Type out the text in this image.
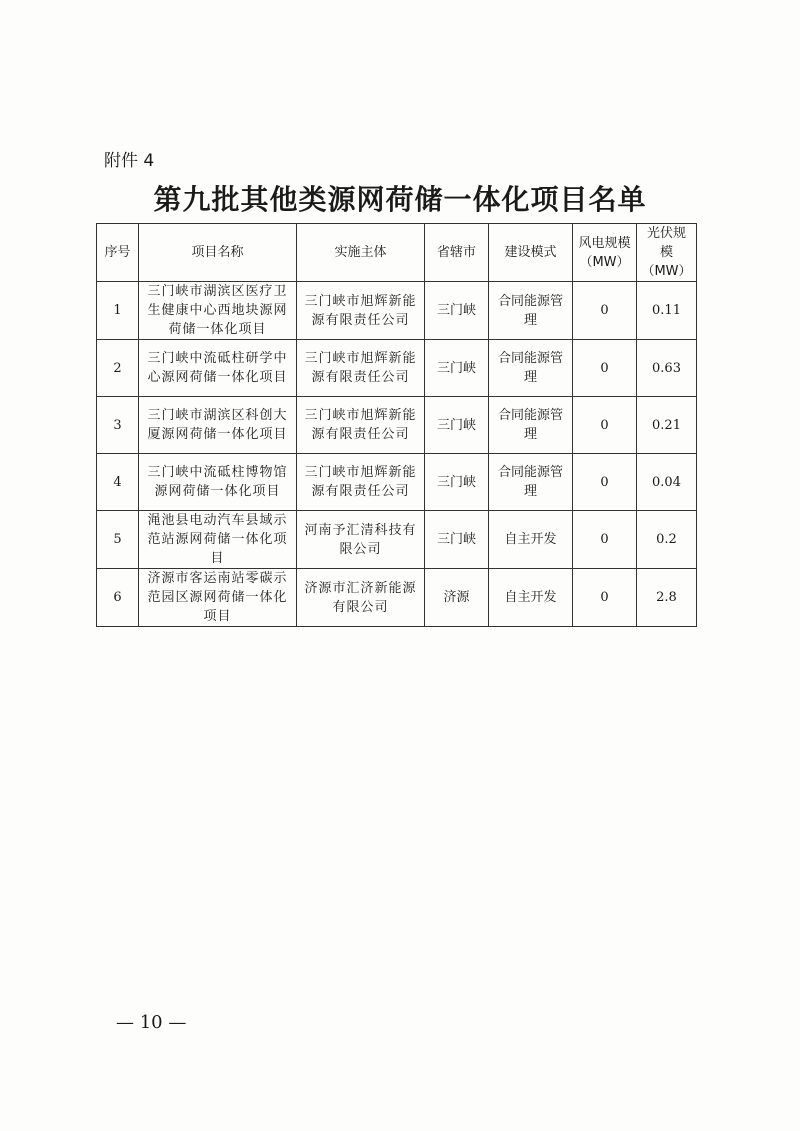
附件 4
第九批其他类源网荷储一体化项目名单
序号	项目名称	实施主体	省辖市	建设模式	风电规模（MW）	光伏规模（MW）
1	三门峡市湖滨区医疗卫生健康中心西地块源网荷储一体化项目	三门峡市旭辉新能源有限责任公司	三门峡	合同能源管理	0	0.11
2	三门峡中流砥柱研学中心源网荷储一体化项目	三门峡市旭辉新能源有限责任公司	三门峡	合同能源管理	0	0.63
3	三门峡市湖滨区科创大厦源网荷储一体化项目	三门峡市旭辉新能源有限责任公司	三门峡	合同能源管理	0	0.21
4	三门峡中流砥柱博物馆源网荷储一体化项目	三门峡市旭辉新能源有限责任公司	三门峡	合同能源管理	0	0.04
5	渑池县电动汽车县域示范站源网荷储一体化项目	河南予汇清科技有限公司	三门峡	自主开发	0	0.2
6	济源市客运南站零碳示范园区源网荷储一体化项目	济源市汇济新能源有限公司	济源	自主开发	0	2.8
— 10 —
